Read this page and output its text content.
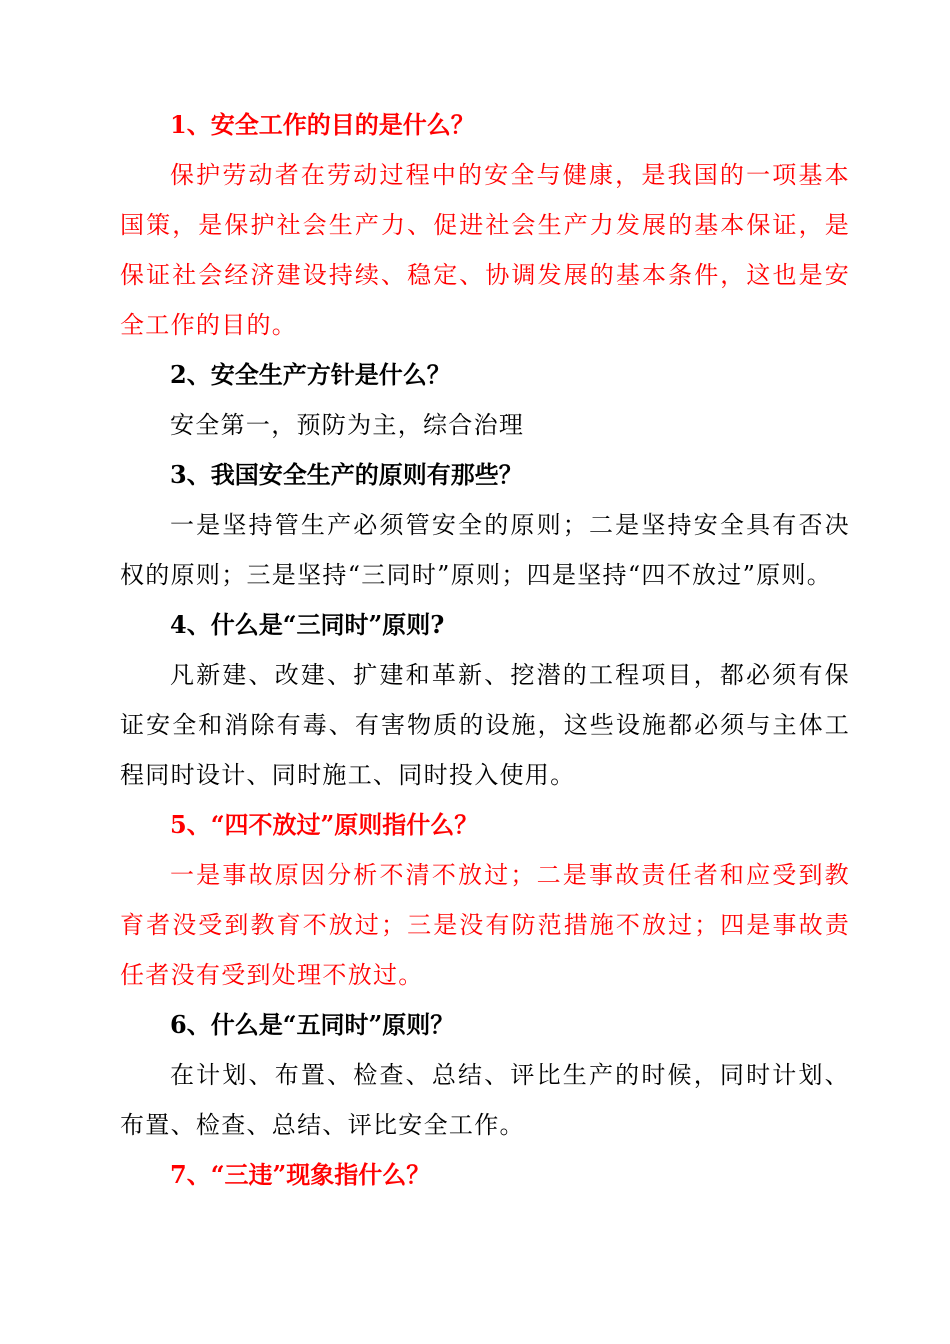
1、安全工作的目的是什么？

保护劳动者在劳动过程中的安全与健康，是我国的一项基本国策，是保护社会生产力、促进社会生产力发展的基本保证，是保证社会经济建设持续、稳定、协调发展的基本条件，这也是安全工作的目的。

2、安全生产方针是什么？

安全第一，预防为主，综合治理

3、我国安全生产的原则有那些？

一是坚持管生产必须管安全的原则；二是坚持安全具有否决权的原则；三是坚持“三同时”原则；四是坚持“四不放过”原则。

4、什么是“三同时”原则?

凡新建、改建、扩建和革新、挖潜的工程项目，都必须有保证安全和消除有毒、有害物质的设施，这些设施都必须与主体工程同时设计、同时施工、同时投入使用。

5、“四不放过”原则指什么？

一是事故原因分析不清不放过；二是事故责任者和应受到教育者没受到教育不放过；三是没有防范措施不放过；四是事故责任者没有受到处理不放过。

6、什么是“五同时”原则？

在计划、布置、检查、总结、评比生产的时候，同时计划、布置、检查、总结、评比安全工作。

7、“三违”现象指什么？
